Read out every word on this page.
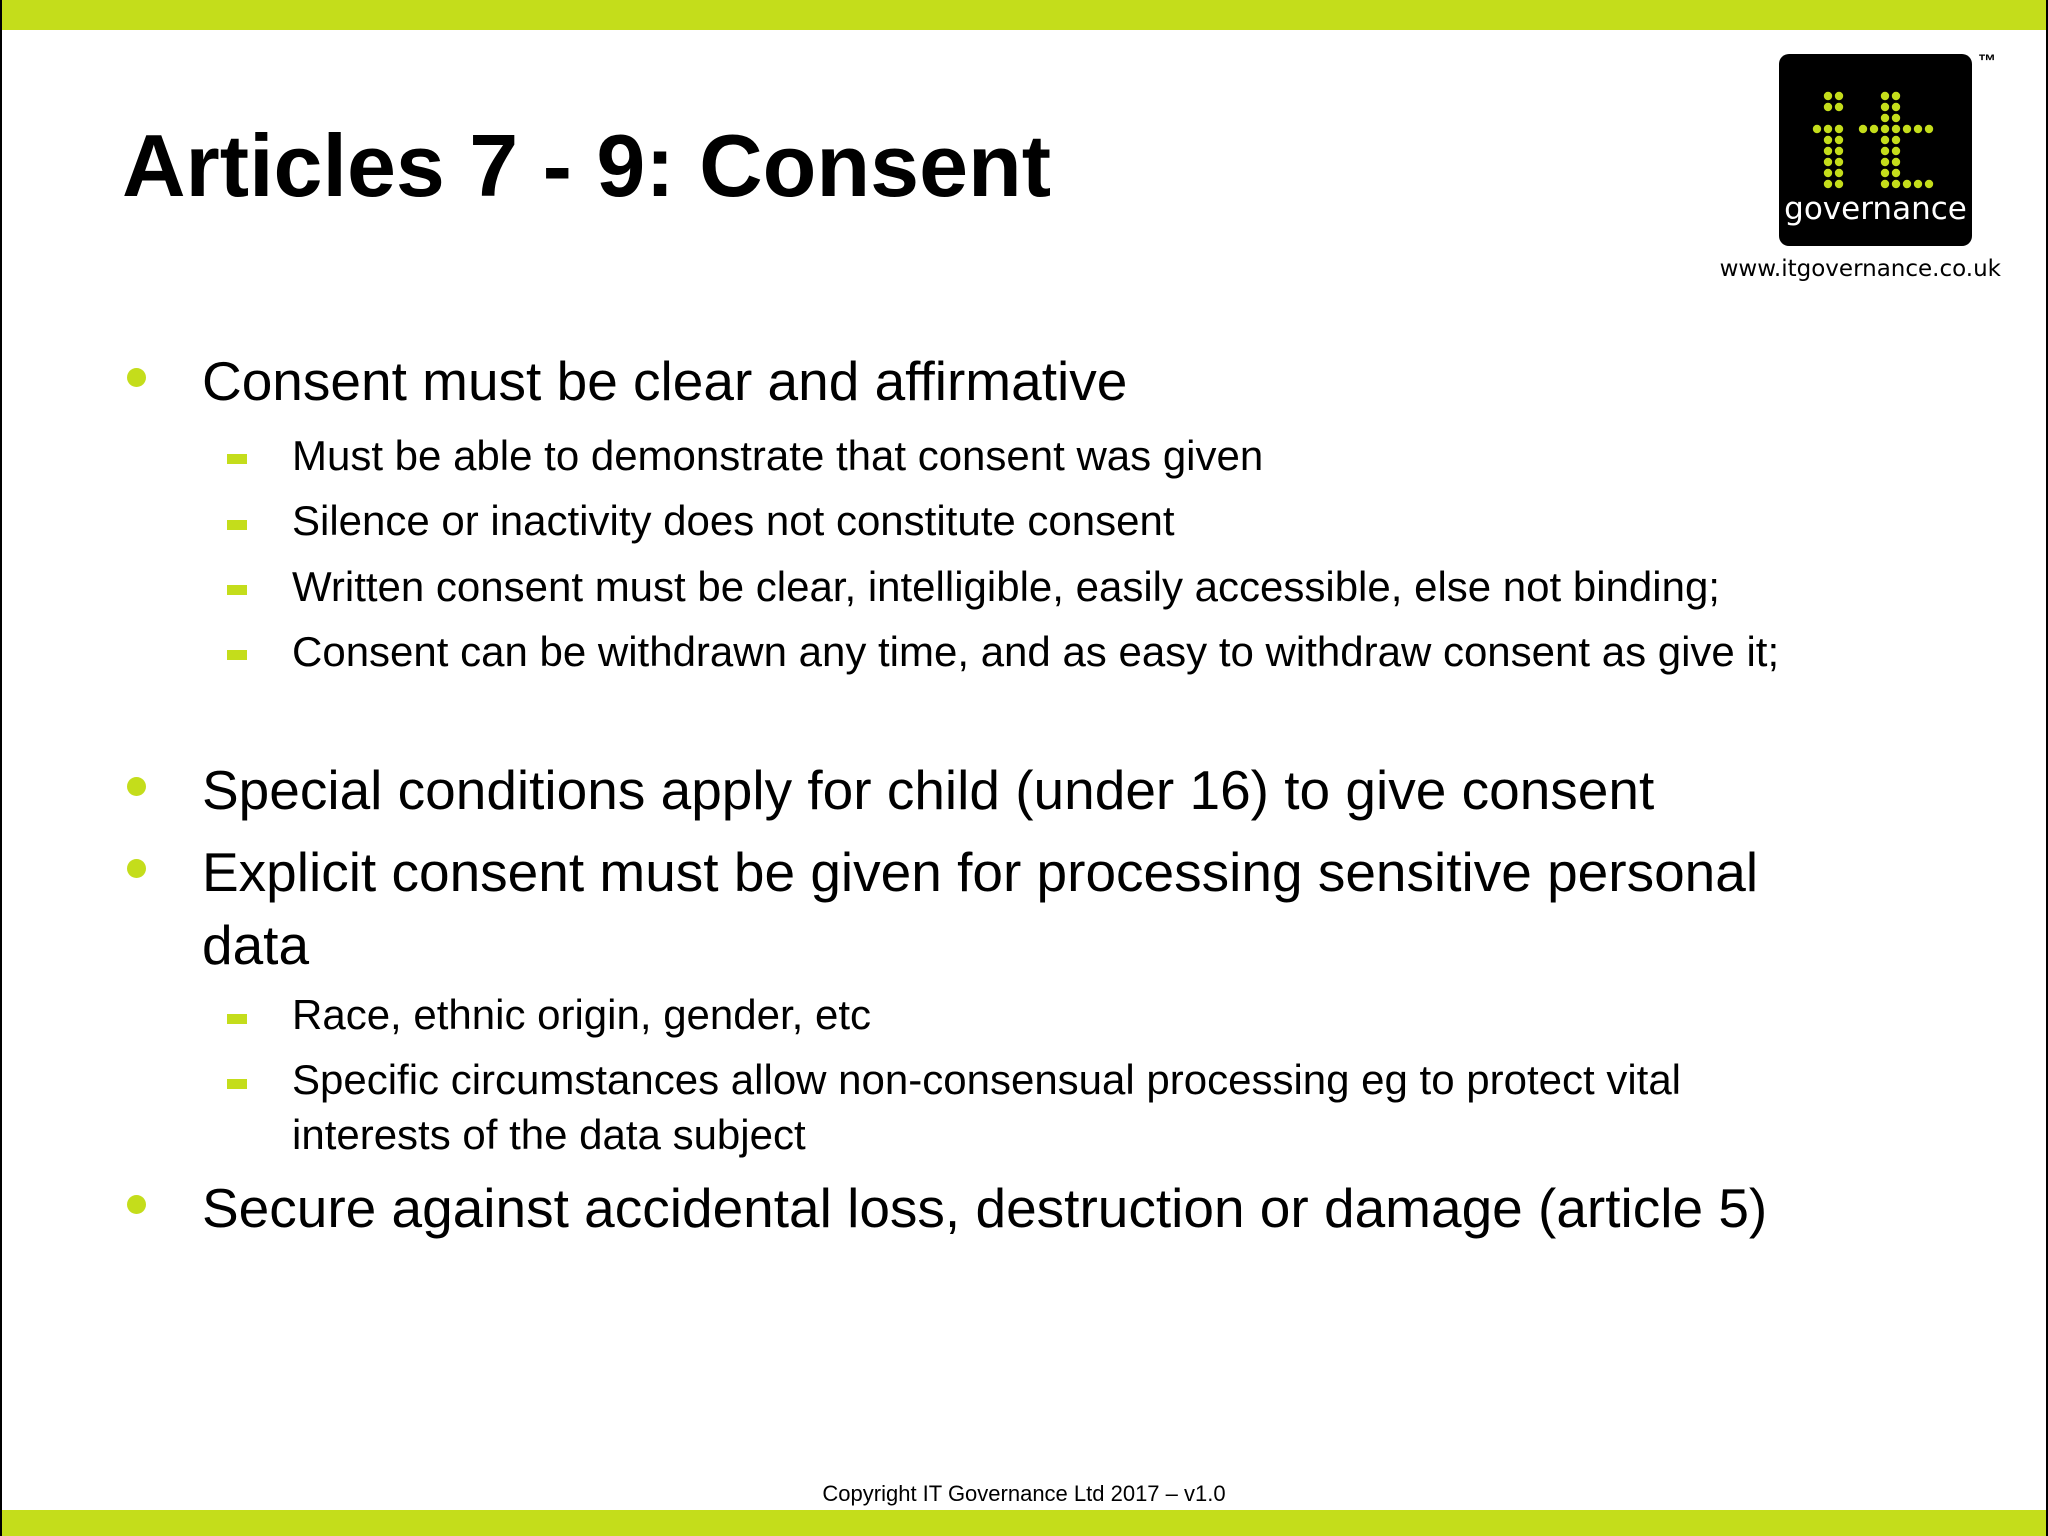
Articles 7 - 9: Consent	governance
™
www.itgovernance.co.uk
Consent must be clear and affirmative
Must be able to demonstrate that consent was given
Silence or inactivity does not constitute consent
Written consent must be clear, intelligible, easily accessible, else not binding;
Consent can be withdrawn any time, and as easy to withdraw consent as give it;
Special conditions apply for child (under 16) to give consent
Explicit consent must be given for processing sensitive personal
data
Race, ethnic origin, gender, etc
Specific circumstances allow non-consensual processing eg to protect vital
interests of the data subject
Secure against accidental loss, destruction or damage (article 5)
Copyright IT Governance Ltd 2017 – v1.0
